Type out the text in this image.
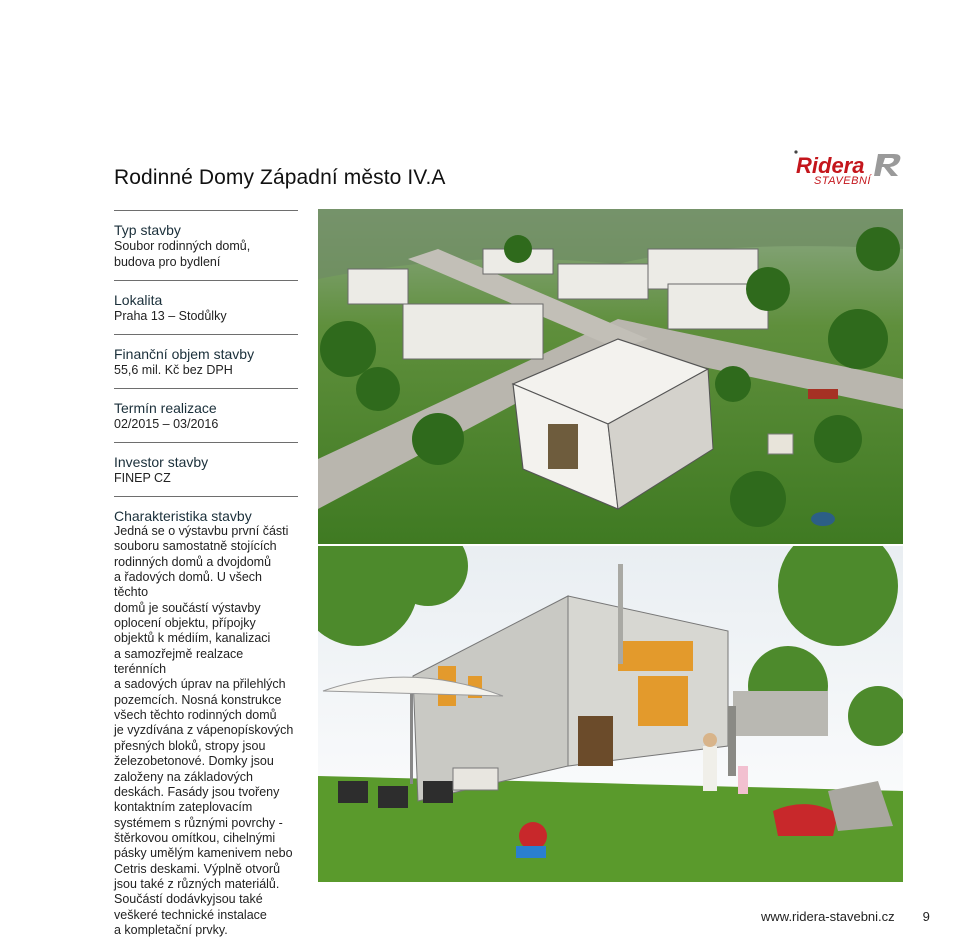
Rodinné Domy Západní město IV.A	Ridera
STAVEBNÍ
Typ stavby
Soubor rodinných domů,
budova pro bydlení
Lokalita
Praha 13 – Stodůlky
Finanční objem stavby
55,6 mil. Kč bez DPH
Termín realizace
02/2015 – 03/2016
Investor stavby
FINEP CZ
Charakteristika stavby
Jedná se o výstavbu první části
souboru samostatně stojících
rodinných domů a dvojdomů
a řadových domů. U všech těchto
domů je součástí výstavby
oplocení objektu, přípojky
objektů k médiím, kanalizaci
a samozřejmě realzace terénních
a sadových úprav na přilehlých
pozemcích. Nosná konstrukce
všech těchto rodinných domů
je vyzdívána z vápenopískových
přesných bloků, stropy jsou
železobetonové. Domky jsou
založeny na základových
deskách. Fasády jsou tvořeny
kontaktním zateplovacím
systémem s různými povrchy -
štěrkovou omítkou, cihelnými
pásky umělým kamenivem nebo
Cetris deskami. Výplně otvorů
jsou také z různých materiálů.
Součástí dodávkyjsou také
veškeré technické instalace
a kompletační prvky.
www.ridera-stavebni.cz 9
